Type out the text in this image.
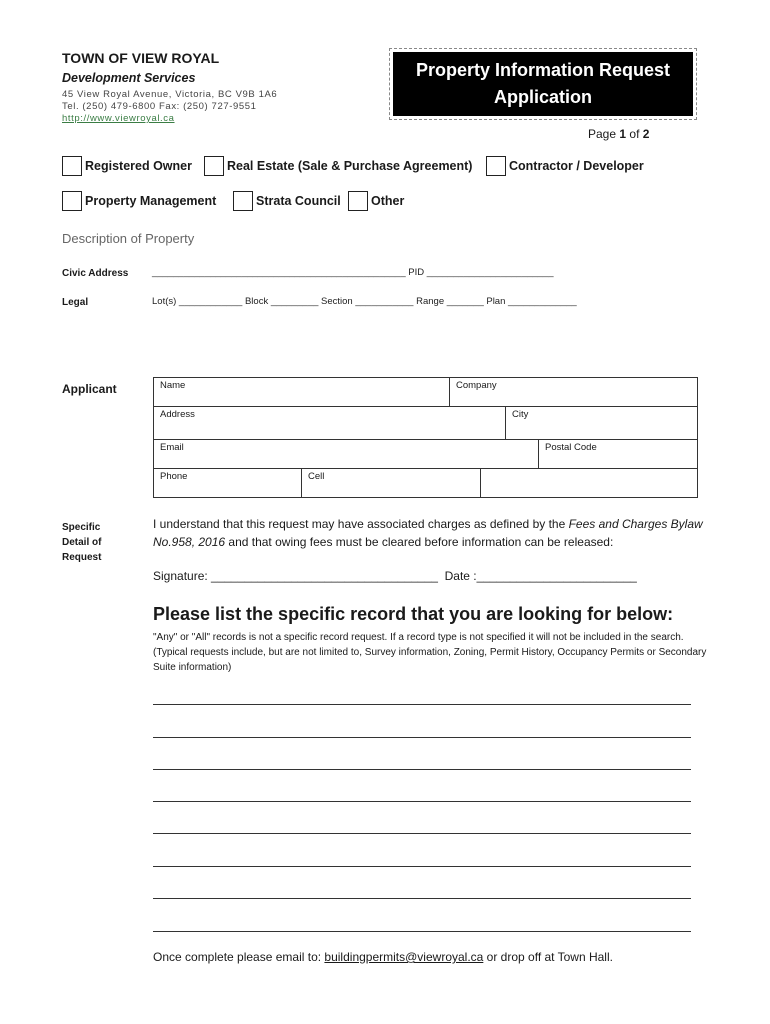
TOWN OF VIEW ROYAL
Development Services
45 View Royal Avenue, Victoria, BC V9B 1A6
Tel. (250) 479-6800 Fax: (250) 727-9551
http://www.viewroyal.ca
Property Information Request
Application
Page 1 of 2
Registered Owner	Real Estate (Sale & Purchase Agreement)	Contractor / Developer
Property Management	Strata Council Other
Description of Property
Civic Address ________________________________________________ PID ________________________
Legal	Lot(s) ____________ Block _________ Section ___________ Range _______ Plan _____________
Applicant	Name	Company
Address	City
Email	Postal Code
Phone	Cell
Specific
Detail of
Request
I understand that this request may have associated charges as defined by the Fees and Charges Bylaw No.958, 2016 and that owing fees must be cleared before information can be released:
Signature: __________________________________  Date :________________________
Please list the specific record that you are looking for below:
"Any" or "All" records is not a specific record request. If a record type is not specified it will not be included in the search. (Typical requests include, but are not limited to, Survey information, Zoning, Permit History, Occupancy Permits or Secondary Suite information)
Once complete please email to: buildingpermits@viewroyal.ca or drop off at Town Hall.
